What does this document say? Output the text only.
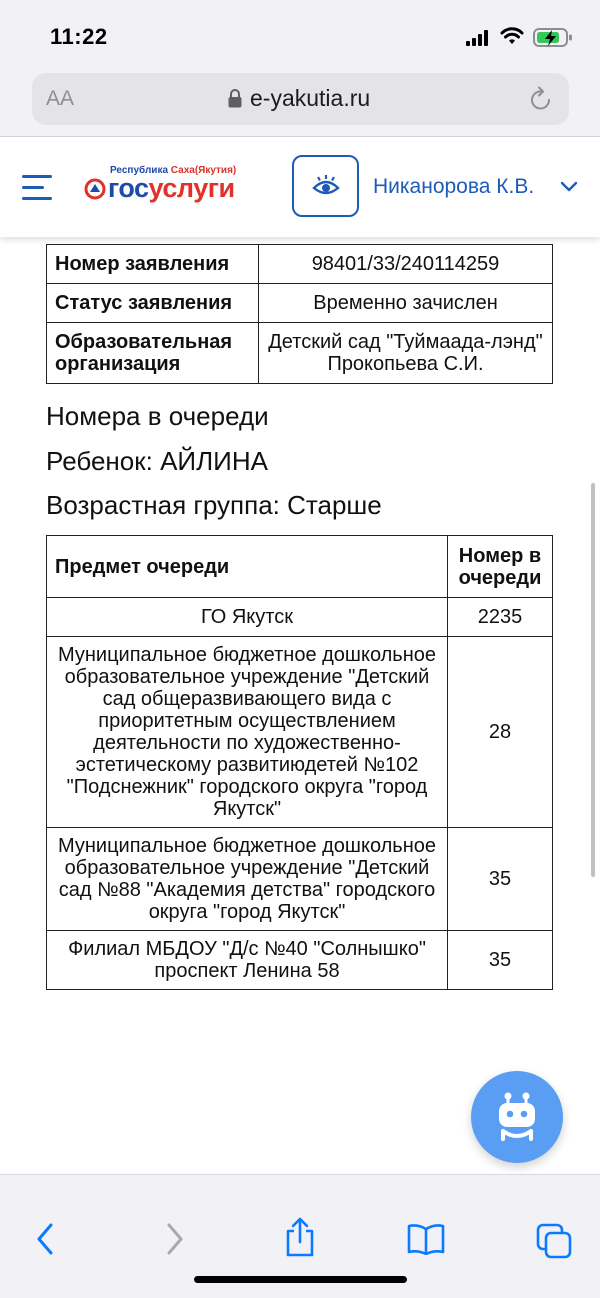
11:22
AA	e-yakutia.ru
Республика Саха(Якутия)
госуслуги	Никанорова К.В.
Номер заявления	98401/33/240114259
Статус заявления	Временно зачислен
Образовательная организация	Детский сад "Туймаада-лэнд" Прокопьева С.И.
Номера в очереди
Ребенок: АЙЛИНА
Возрастная группа: Старше
Предмет очереди	Номер в очереди
ГО Якутск	2235
Муниципальное бюджетное дошкольное образовательное учреждение "Детский сад общеразвивающего вида с приоритетным осуществлением деятельности по художественно-эстетическому развитиюдетей №102 "Подснежник" городского округа "город Якутск"	28
Муниципальное бюджетное дошкольное образовательное учреждение "Детский сад №88 "Академия детства" городского округа "город Якутск"	35
Филиал МБДОУ "Д/с №40 "Солнышко" проспект Ленина 58	35
